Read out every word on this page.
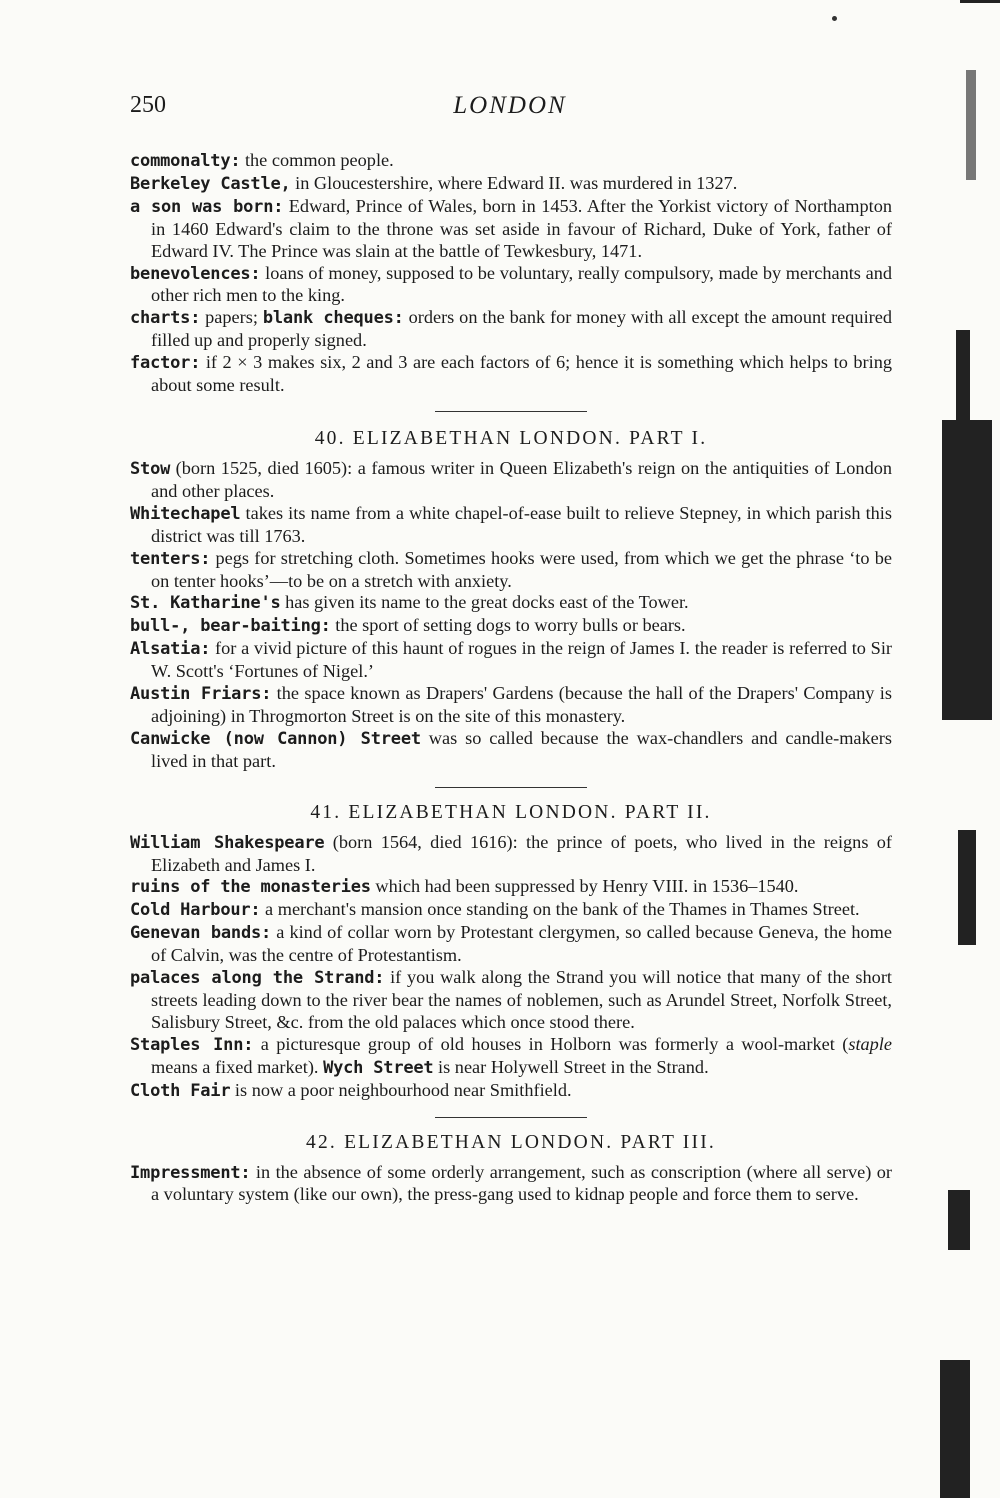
250	LONDON

commonalty: the common people.

Berkeley Castle, in Gloucestershire, where Edward II. was murdered in 1327.

a son was born: Edward, Prince of Wales, born in 1453. After the Yorkist victory of Northampton in 1460 Edward's claim to the throne was set aside in favour of Richard, Duke of York, father of Edward IV. The Prince was slain at the battle of Tewkesbury, 1471.

benevolences: loans of money, supposed to be voluntary, really compulsory, made by merchants and other rich men to the king.

charts: papers; blank cheques: orders on the bank for money with all except the amount required filled up and properly signed.

factor: if 2 × 3 makes six, 2 and 3 are each factors of 6; hence it is something which helps to bring about some result.

40. ELIZABETHAN LONDON. PART I.

Stow (born 1525, died 1605): a famous writer in Queen Elizabeth's reign on the antiquities of London and other places.

Whitechapel takes its name from a white chapel-of-ease built to relieve Stepney, in which parish this district was till 1763.

tenters: pegs for stretching cloth. Sometimes hooks were used, from which we get the phrase ‘to be on tenter hooks’—to be on a stretch with anxiety.

St. Katharine's has given its name to the great docks east of the Tower.

bull-, bear-baiting: the sport of setting dogs to worry bulls or bears.

Alsatia: for a vivid picture of this haunt of rogues in the reign of James I. the reader is referred to Sir W. Scott's ‘Fortunes of Nigel.’

Austin Friars: the space known as Drapers' Gardens (because the hall of the Drapers' Company is adjoining) in Throgmorton Street is on the site of this monastery.

Canwicke (now Cannon) Street was so called because the wax-chandlers and candle-makers lived in that part.

41. ELIZABETHAN LONDON. PART II.

William Shakespeare (born 1564, died 1616): the prince of poets, who lived in the reigns of Elizabeth and James I.

ruins of the monasteries which had been suppressed by Henry VIII. in 1536–1540.

Cold Harbour: a merchant's mansion once standing on the bank of the Thames in Thames Street.

Genevan bands: a kind of collar worn by Protestant clergymen, so called because Geneva, the home of Calvin, was the centre of Protestantism.

palaces along the Strand: if you walk along the Strand you will notice that many of the short streets leading down to the river bear the names of noblemen, such as Arundel Street, Norfolk Street, Salisbury Street, &c. from the old palaces which once stood there.

Staples Inn: a picturesque group of old houses in Holborn was formerly a wool-market (staple means a fixed market). Wych Street is near Holywell Street in the Strand.

Cloth Fair is now a poor neighbourhood near Smithfield.

42. ELIZABETHAN LONDON. PART III.

Impressment: in the absence of some orderly arrangement, such as conscription (where all serve) or a voluntary system (like our own), the press-gang used to kidnap people and force them to serve.
